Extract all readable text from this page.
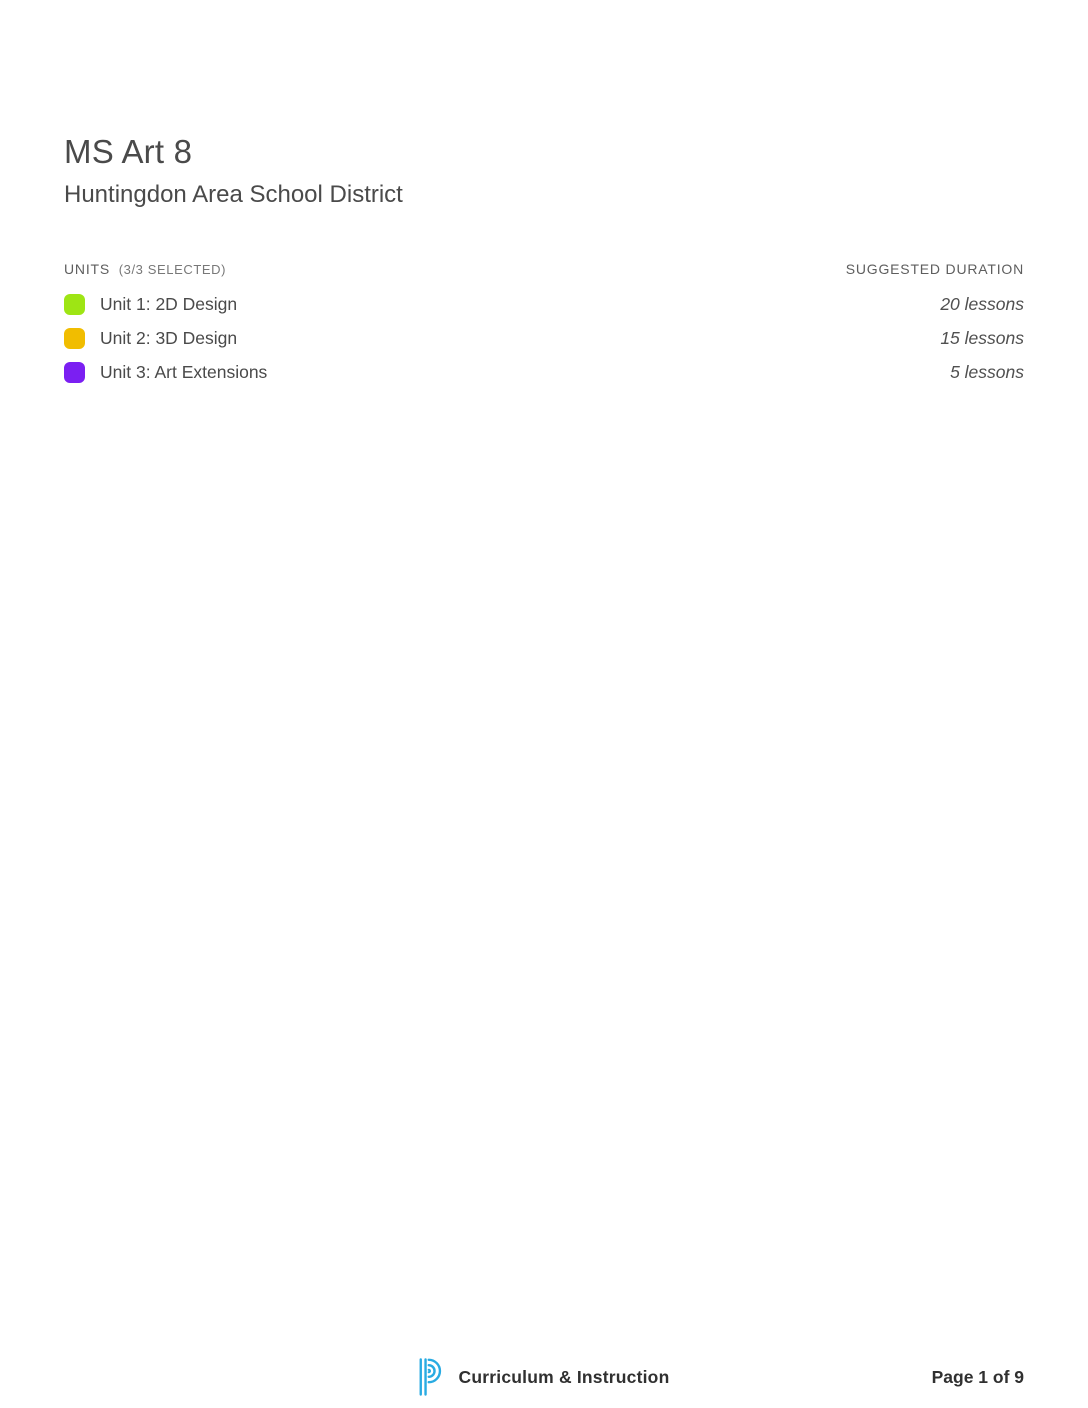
MS Art 8
Huntingdon Area School District
UNITS (3/3 SELECTED)	SUGGESTED DURATION
Unit 1: 2D Design	20 lessons
Unit 2: 3D Design	15 lessons
Unit 3: Art Extensions	5 lessons
Curriculum & Instruction	Page 1 of 9
